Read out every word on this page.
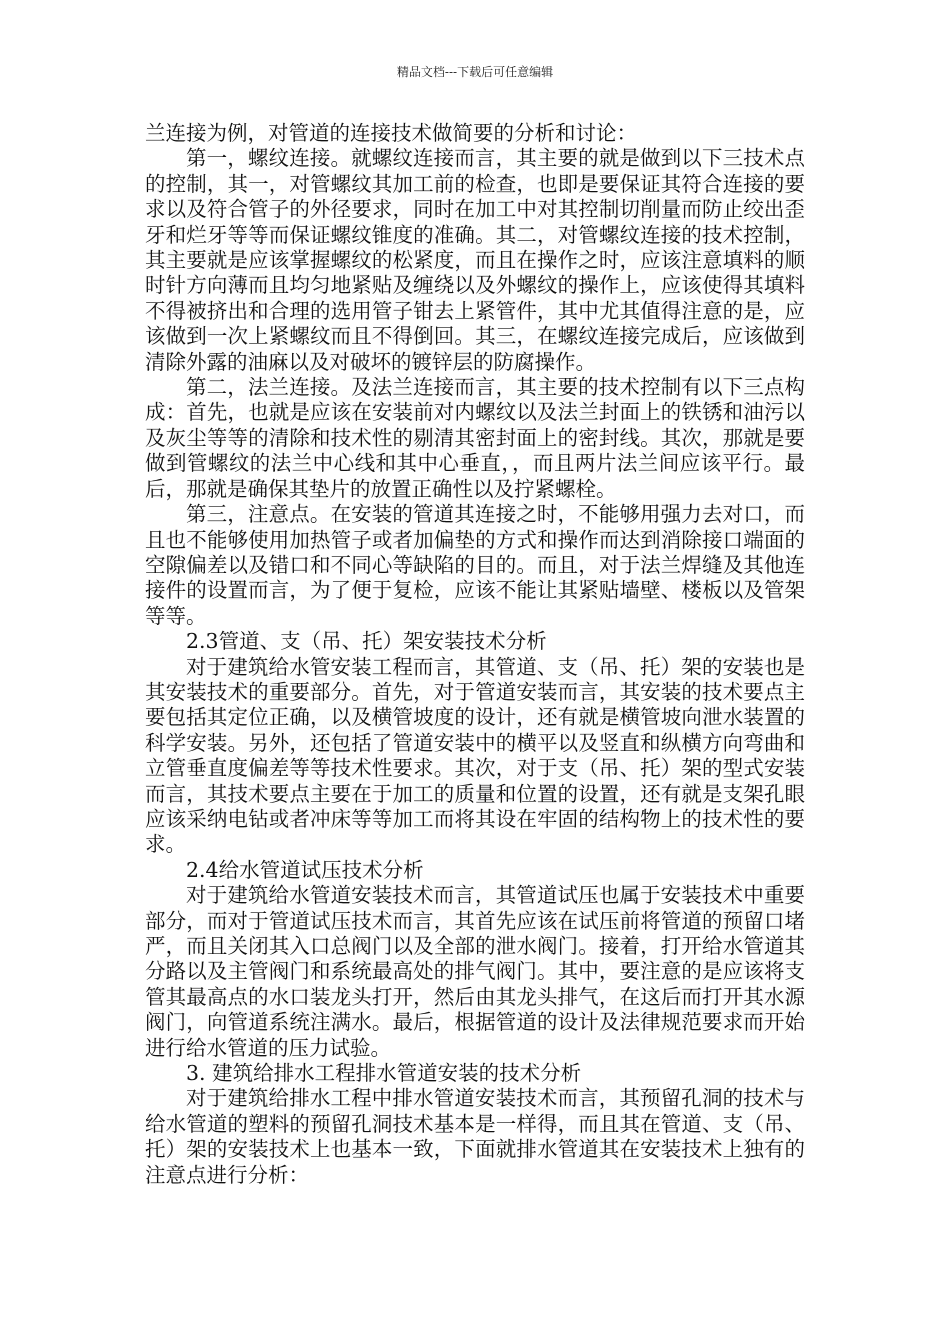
精品文档---下载后可任意编辑

兰连接为例，对管道的连接技术做简要的分析和讨论：

第一，螺纹连接。就螺纹连接而言，其主要的就是做到以下三技术点的控制，其一，对管螺纹其加工前的检查，也即是要保证其符合连接的要求以及符合管子的外径要求，同时在加工中对其控制切削量而防止绞出歪牙和烂牙等等而保证螺纹锥度的准确。其二，对管螺纹连接的技术控制，其主要就是应该掌握螺纹的松紧度，而且在操作之时，应该注意填料的顺时针方向薄而且均匀地紧贴及缠绕以及外螺纹的操作上，应该使得其填料不得被挤出和合理的选用管子钳去上紧管件，其中尤其值得注意的是，应该做到一次上紧螺纹而且不得倒回。其三，在螺纹连接完成后，应该做到清除外露的油麻以及对破坏的镀锌层的防腐操作。

第二，法兰连接。及法兰连接而言，其主要的技术控制有以下三点构成：首先，也就是应该在安装前对内螺纹以及法兰封面上的铁锈和油污以及灰尘等等的清除和技术性的剔清其密封面上的密封线。其次，那就是要做到管螺纹的法兰中心线和其中心垂直，，而且两片法兰间应该平行。最后，那就是确保其垫片的放置正确性以及拧紧螺栓。

第三，注意点。在安装的管道其连接之时，不能够用强力去对口，而且也不能够使用加热管子或者加偏垫的方式和操作而达到消除接口端面的空隙偏差以及错口和不同心等缺陷的目的。而且，对于法兰焊缝及其他连接件的设置而言，为了便于复检，应该不能让其紧贴墙壁、楼板以及管架等等。

2.3管道、支（吊、托）架安装技术分析

对于建筑给水管安装工程而言，其管道、支（吊、托）架的安装也是其安装技术的重要部分。首先，对于管道安装而言，其安装的技术要点主要包括其定位正确，以及横管坡度的设计，还有就是横管坡向泄水装置的科学安装。另外，还包括了管道安装中的横平以及竖直和纵横方向弯曲和立管垂直度偏差等等技术性要求。其次，对于支（吊、托）架的型式安装而言，其技术要点主要在于加工的质量和位置的设置，还有就是支架孔眼应该采纳电钻或者冲床等等加工而将其设在牢固的结构物上的技术性的要求。

2.4给水管道试压技术分析

对于建筑给水管道安装技术而言，其管道试压也属于安装技术中重要部分，而对于管道试压技术而言，其首先应该在试压前将管道的预留口堵严，而且关闭其入口总阀门以及全部的泄水阀门。接着，打开给水管道其分路以及主管阀门和系统最高处的排气阀门。其中，要注意的是应该将支管其最高点的水口装龙头打开，然后由其龙头排气，在这后而打开其水源阀门，向管道系统注满水。最后，根据管道的设计及法律规范要求而开始进行给水管道的压力试验。

3. 建筑给排水工程排水管道安装的技术分析

对于建筑给排水工程中排水管道安装技术而言，其预留孔洞的技术与给水管道的塑料的预留孔洞技术基本是一样得，而且其在管道、支（吊、托）架的安装技术上也基本一致，下面就排水管道其在安装技术上独有的注意点进行分析：
